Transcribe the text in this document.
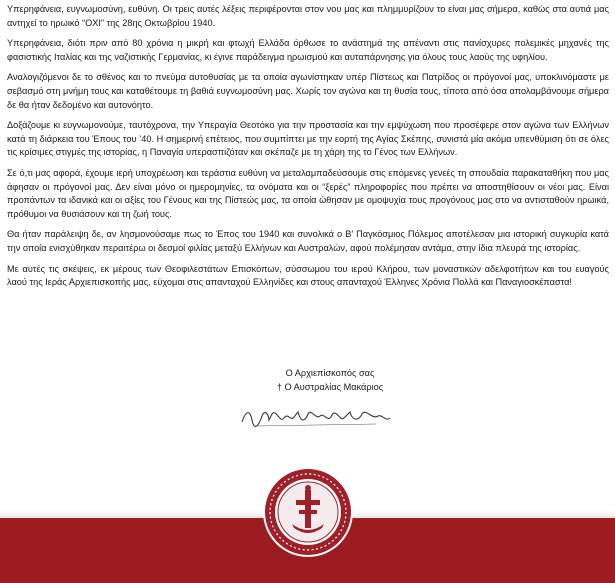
Υπερηφάνεια, ευγνωμοσύνη, ευθύνη. Οι τρεις αυτές λέξεις περιφέρονται στον νου μας και πλημμυρίζουν το είναι μας σήμερα, καθώς στα αυτιά μας αντηχεί το ηρωικό “ΟΧΙ” της 28ης Οκτωβρίου 1940.

Υπερηφάνεια, διότι πριν από 80 χρόνια η μικρή και φτωχή Ελλάδα όρθωσε το ανάστημά της απέναντι στις πανίσχυρες πολεμικές μηχανές της φασιστικής Ιταλίας και της ναζιστικής Γερμανίας, κι έγινε παράδειγμα ηρωισμού και αυταπάρνησης για όλους τους λαούς της υφηλίου.

Αναλογιζόμενοι δε το σθένος και το πνεύμα αυτοθυσίας με τα οποία αγωνίστηκαν υπέρ Πίστεως και Πατρίδος οι πρόγονοί μας, υποκλινόμαστε με σεβασμό στη μνήμη τους και καταθέτουμε τη βαθιά ευγνωμοσύνη μας. Χωρίς τον αγώνα και τη θυσία τους, τίποτα από όσα απολαμβάνουμε σήμερα δε θα ήταν δεδομένο και αυτονόητο.

Δοξάζουμε κι ευγνωμονούμε, ταυτόχρονα, την Υπεραγία Θεοτόκο για την προστασία και την εμψύχωση που προσέφερε στον αγώνα των Ελλήνων κατά τη διάρκεια του Έπους του ’40. Η σημερινή επέτειος, που συμπίπτει με την εορτή της Αγίας Σκέπης, συνιστά μία ακόμα υπενθύμιση ότι σε όλες τις κρίσιμες στιγμές της ιστορίας, η Παναγία υπερασπιζόταν και σκέπαζε με τη χάρη της το Γένος των Ελλήνων.

Σε ό,τι μας αφορά, έχουμε ιερή υποχρέωση και τεράστια ευθύνη να μεταλαμπαδεύσουμε στις επόμενες γενεές τη σπουδαία παρακαταθήκη που μας άφησαν οι πρόγονοί μας. Δεν είναι μόνο οι ημερομηνίες, τα ονόματα και οι “ξερές” πληροφορίες που πρέπει να αποστηθίσουν οι νέοι μας. Είναι προπάντων τα ιδανικά και οι αξίες του Γένους και της Πίστεώς μας, τα οποία ώθησαν με ομοψυχία τους προγόνους μας στο να αντισταθούν ηρωικά, πρόθυμοι να θυσιάσουν και τη ζωή τους.

Θα ήταν παράλειψη δε, αν λησμονούσαμε πως το Έπος του 1940 και συνολικά ο Β’ Παγκόσμιος Πόλεμος αποτέλεσαν μια ιστορική συγκυρία κατά την οποία ενισχύθηκαν περαιτέρω οι δεσμοί φιλίας μεταξύ Ελλήνων και Αυστραλών, αφού πολέμησαν αντάμα, στην ίδια πλευρά της ιστορίας.

Με αυτές τις σκέψεις, εκ μέρους των Θεοφιλεστάτων Επισκόπων, σύσσωμου του ιερού Κλήρου, των μοναστικών αδελφοτήτων και του ευαγούς λαού της Ιεράς Αρχιεπισκοπής μας, εύχομαι στις απανταχού Ελληνίδες και στους απανταχού Έλληνες Χρόνια Πολλά και Παναγιοσκέπαστα!

Ο Αρχιεπίσκοπός σας
† Ο Αυστραλίας Μακάριος
